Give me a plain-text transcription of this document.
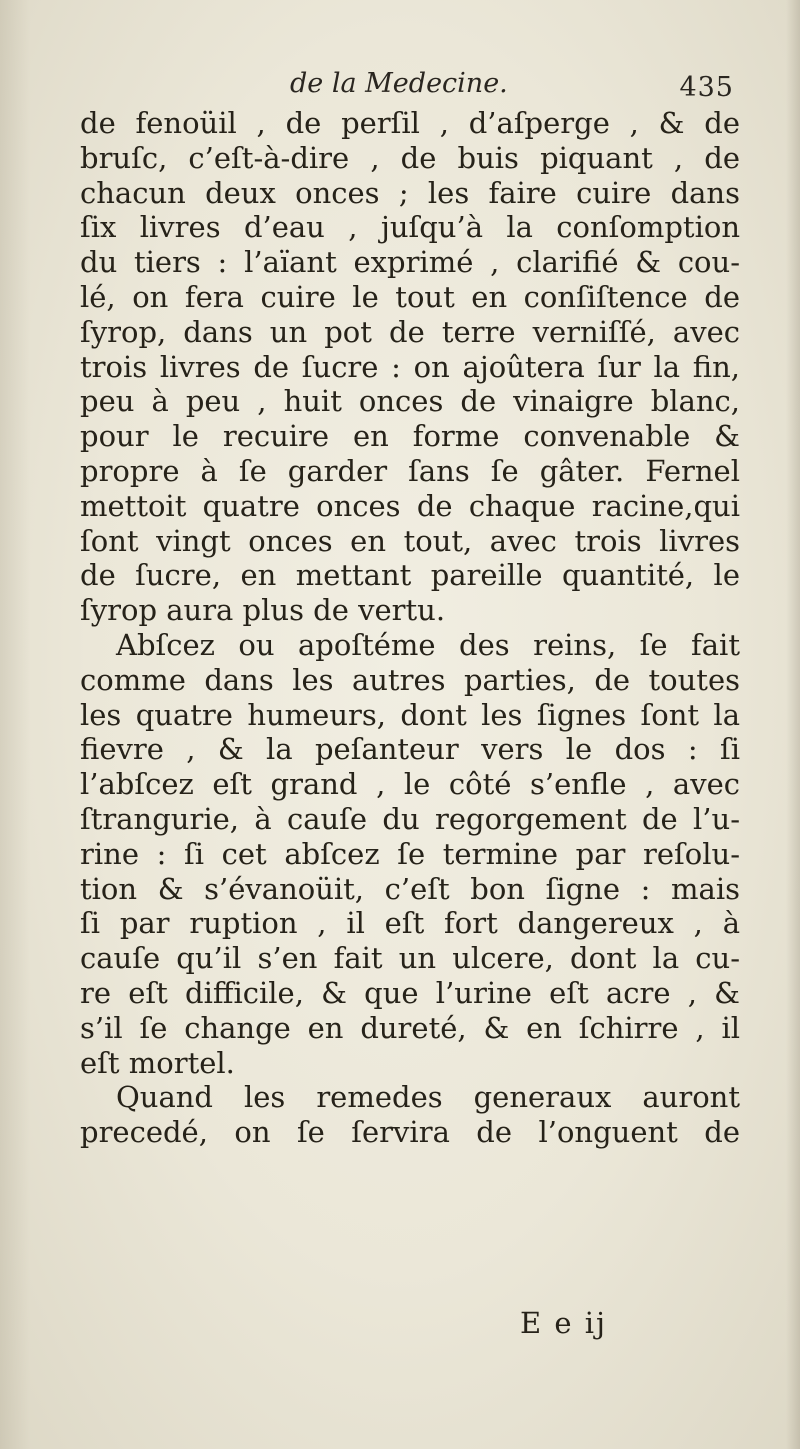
de la Medecine.	435
de fenoüil , de perſil , d’aſperge , & de
bruſc, c’eſt-à-dire , de buis piquant , de
chacun deux onces ; les faire cuire dans
ſix livres d’eau , juſqu’à la conſomption
du tiers : l’aïant exprimé , clarifié & cou-
lé, on fera cuire le tout en conſiſtence de
ſyrop, dans un pot de terre verniſſé, avec
trois livres de ſucre : on ajoûtera ſur la fin,
peu à peu , huit onces de vinaigre blanc,
pour le recuire en forme convenable &
propre à ſe garder ſans ſe gâter. Fernel
mettoit quatre onces de chaque racine,qui
ſont vingt onces en tout, avec trois livres
de ſucre, en mettant pareille quantité, le
ſyrop aura plus de vertu.
Abſcez ou apoſtéme des reins, ſe fait
comme dans les autres parties, de toutes
les quatre humeurs, dont les ſignes ſont la
fievre , & la peſanteur vers le dos : ſi
l’abſcez eſt grand , le côté s’enfle , avec
ſtrangurie, à cauſe du regorgement de l’u-
rine : ſi cet abſcez ſe termine par reſolu-
tion & s’évanoüit, c’eſt bon ſigne : mais
ſi par ruption , il eſt fort dangereux , à
cauſe qu’il s’en fait un ulcere, dont la cu-
re eſt difficile, & que l’urine eſt acre , &
s’il ſe change en dureté, & en ſchirre , il
eſt mortel.
Quand les remedes generaux auront
precedé, on ſe ſervira de l’onguent de
E e ij
